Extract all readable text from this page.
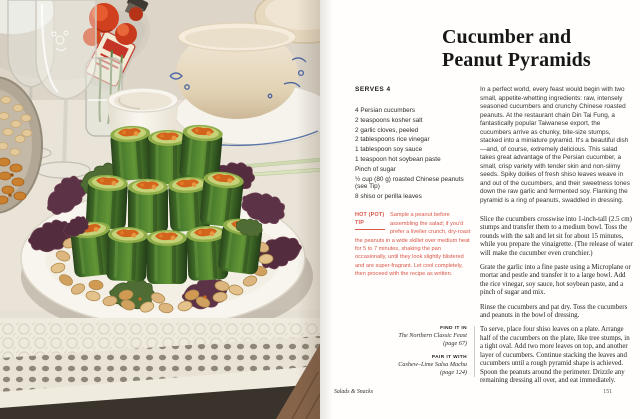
Cucumber and Peanut Pyramids
SERVES 4
4 Persian cucumbers
2 teaspoons kosher salt
2 garlic cloves, peeled
2 tablespoons rice vinegar
1 tablespoon soy sauce
1 teaspoon hot soybean paste
Pinch of sugar
½ cup (80 g) roasted Chinese peanuts (see Tip)
8 shiso or perilla leaves
HOT (POT)
TIP

Sample a peanut before assembling the salad; if you'd prefer a livelier crunch, dry-roast the peanuts in a wide skillet over medium heat for 5 to 7 minutes, shaking the pan occasionally, until they look slightly blistered and are super-fragrant. Let cool completely, then proceed with the recipe as written.

FIND IT IN
The Northern Classic Feast
(page 67)
PAIR IT WITH
Cashew–Lime Salsa Macha
(page 124)

In a perfect world, every feast would begin with two small, appetite-whetting ingredients: raw, intensely seasoned cucumbers and crunchy Chinese roasted peanuts. At the restaurant chain Din Tai Fung, a fantastically popular Taiwanese export, the cucumbers arrive as chunky, bite-size stumps, stacked into a miniature pyramid. It's a beautiful dish—and, of course, extremely delicious. This salad takes great advantage of the Persian cucumber, a small, crisp variety with tender skin and non-slimy seeds. Spiky doilies of fresh shiso leaves weave in and out of the cucumbers, and their sweetness tones down the raw garlic and fermented soy. Flanking the pyramid is a ring of peanuts, swaddled in dressing.

Slice the cucumbers crosswise into 1-inch-tall (2.5 cm) stumps and transfer them to a medium bowl. Toss the rounds with the salt and let sit for about 15 minutes, while you prepare the vinaigrette. (The release of water will make the cucumber even crunchier.)

Grate the garlic into a fine paste using a Microplane or mortar and pestle and transfer it to a large bowl. Add the rice vinegar, soy sauce, hot soybean paste, and a pinch of sugar and mix.

Rinse the cucumbers and pat dry. Toss the cucumbers and peanuts in the bowl of dressing.

To serve, place four shiso leaves on a plate. Arrange half of the cucumbers on the plate, like tree stumps, in a tight oval. Add two more leaves on top, and another layer of cucumbers. Continue stacking the leaves and cucumbers until a rough pyramid shape is achieved. Spoon the peanuts around the perimeter. Drizzle any remaining dressing all over, and eat immediately.

Salads & Snacks	151
